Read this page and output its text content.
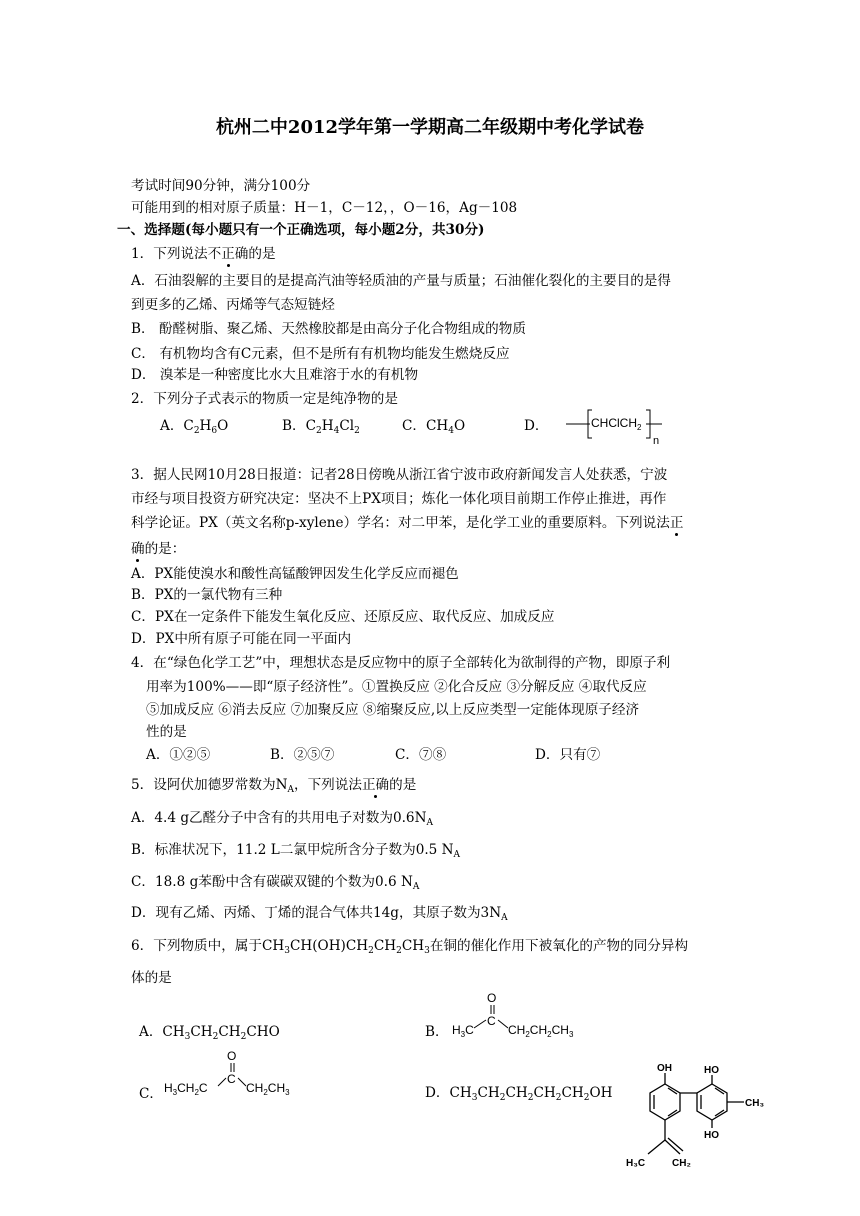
杭州二中2012学年第一学期高二年级期中考化学试卷
考试时间90分钟，满分100分
可能用到的相对原子质量：H－1，C－12，，O－16，Ag－108
一、选择题(每小题只有一个正确选项，每小题2分，共30分)
1．下列说法不正确的是
A．石油裂解的主要目的是提高汽油等轻质油的产量与质量；石油催化裂化的主要目的是得
到更多的乙烯、丙烯等气态短链烃
B． 酚醛树脂、聚乙烯、天然橡胶都是由高分子化合物组成的物质
C． 有机物均含有C元素，但不是所有有机物均能发生燃烧反应
D． 溴苯是一种密度比水大且难溶于水的有机物
2．下列分子式表示的物质一定是纯净物的是
A．$C_2H_6O$	B．$C_2H_4Cl_2$	C．$CH_4O$	D．	CHClCH$_2$
n
3．据人民网10月28日报道：记者28日傍晚从浙江省宁波市政府新闻发言人处获悉，宁波
市经与项目投资方研究决定：坚决不上PX项目；炼化一体化项目前期工作停止推进，再作
科学论证。PX（英文名称p-xylene）学名：对二甲苯，是化学工业的重要原料。下列说法正
确的是：
A．PX能使溴水和酸性高锰酸钾因发生化学反应而褪色
B．PX的一氯代物有三种
C．PX在一定条件下能发生氧化反应、还原反应、取代反应、加成反应
D．PX中所有原子可能在同一平面内
4．在“绿色化学工艺”中，理想状态是反应物中的原子全部转化为欲制得的产物，即原子利
用率为100%——即“原子经济性”。①置换反应 ②化合反应 ③分解反应 ④取代反应
⑤加成反应 ⑥消去反应 ⑦加聚反应 ⑧缩聚反应,以上反应类型一定能体现原子经济
性的是
A．①②⑤	B．②⑤⑦	C．⑦⑧	D．只有⑦
5．设阿伏加德罗常数为$N_A$，下列说法正确的是
A．4.4 g乙醛分子中含有的共用电子对数为$0.6N_A$
B．标准状况下，11.2 L二氯甲烷所含分子数为0.5 $N_A$
C．18.8 g苯酚中含有碳碳双键的个数为0.6 $N_A$
D．现有乙烯、丙烯、丁烯的混合气体共14g，其原子数为$3N_A$
6．下列物质中，属于$CH_3CH(OH)CH_2CH_2CH_3$在铜的催化作用下被氧化的产物的同分异构
体的是
A．$CH_3CH_2CH_2CHO$	B．
O
C
$H_3C$	$CH_2CH_2CH_3$
C．
O
C
$H_3CH_2C$	$CH_2CH_3$	D．$CH_3CH_2CH_2CH_2CH_2OH$
OH	HO
HO
CH₃
H₃C	CH₂
